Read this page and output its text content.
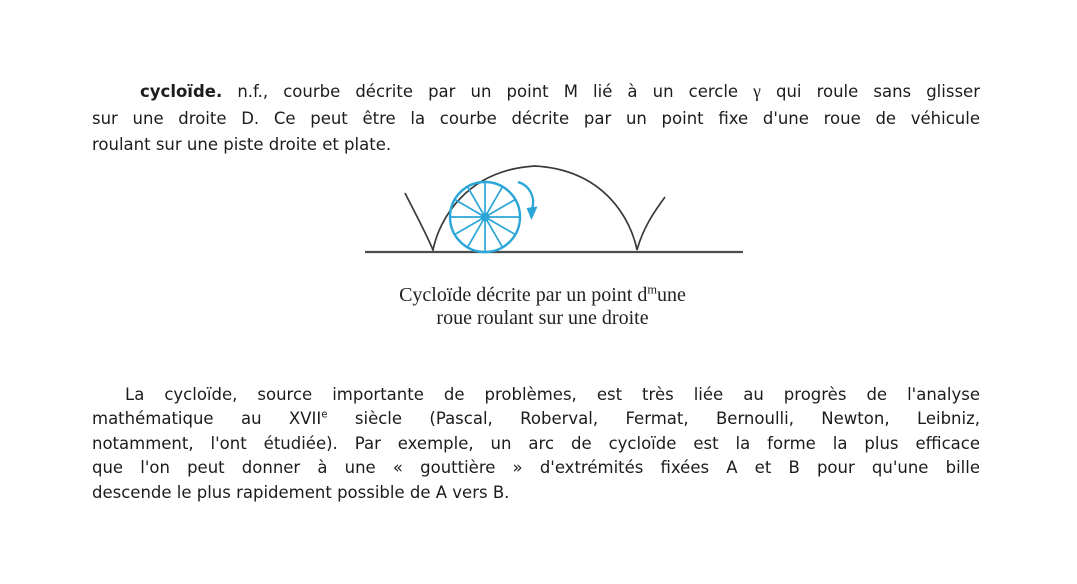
cycloïde. n.f., courbe décrite par un point M lié à un cercle γ qui roule sans glisser
sur une droite D. Ce peut être la courbe décrite par un point fixe d'une roue de véhicule
roulant sur une piste droite et plate.
Cycloïde décrite par un point $d^mune$
roue roulant sur une droite
La cycloïde, source importante de problèmes, est très liée au progrès de l'analyse
mathématique au XVIIe siècle (Pascal, Roberval, Fermat, Bernoulli, Newton, Leibniz,
notamment, l'ont étudiée). Par exemple, un arc de cycloïde est la forme la plus efficace
que l'on peut donner à une « gouttière » d'extrémités fixées A et B pour qu'une bille
descende le plus rapidement possible de A vers B.
